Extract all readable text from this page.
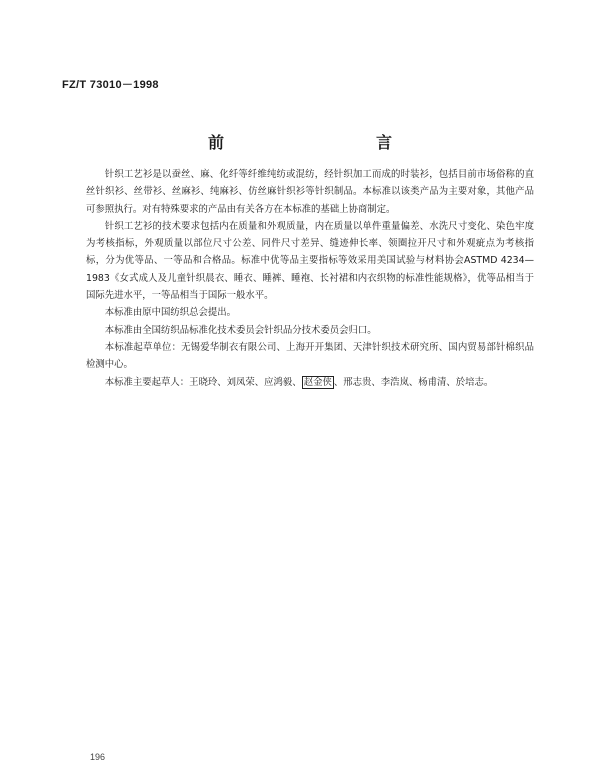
FZ/T 73010－1998
前　　言

针织工艺衫是以蚕丝、麻、化纤等纤维纯纺或混纺，经针织加工而成的时装衫，包括目前市场俗称的直丝针织衫、丝带衫、丝麻衫、纯麻衫、仿丝麻针织衫等针织制品。本标准以该类产品为主要对象，其他产品可参照执行。对有特殊要求的产品由有关各方在本标准的基础上协商制定。

针织工艺衫的技术要求包括内在质量和外观质量，内在质量以单件重量偏差、水洗尺寸变化、染色牢度为考核指标，外观质量以部位尺寸公差、同件尺寸差异、缝迹伸长率、领圈拉开尺寸和外观疵点为考核指标，分为优等品、一等品和合格品。标准中优等品主要指标等效采用美国试验与材料协会ASTMD 4234—1983《女式成人及儿童针织晨衣、睡衣、睡裤、睡袍、长衬裙和内衣织物的标准性能规格》，优等品相当于国际先进水平，一等品相当于国际一般水平。

本标准由原中国纺织总会提出。

本标准由全国纺织品标准化技术委员会针织品分技术委员会归口。

本标准起草单位：无锡爱华制衣有限公司、上海开开集团、天津针织技术研究所、国内贸易部针棉织品检测中心。

本标准主要起草人：王晓玲、刘凤荣、应鸿毅、 赵金侠 、邢志贵、李浩岚、杨甫清、於培志。

196
